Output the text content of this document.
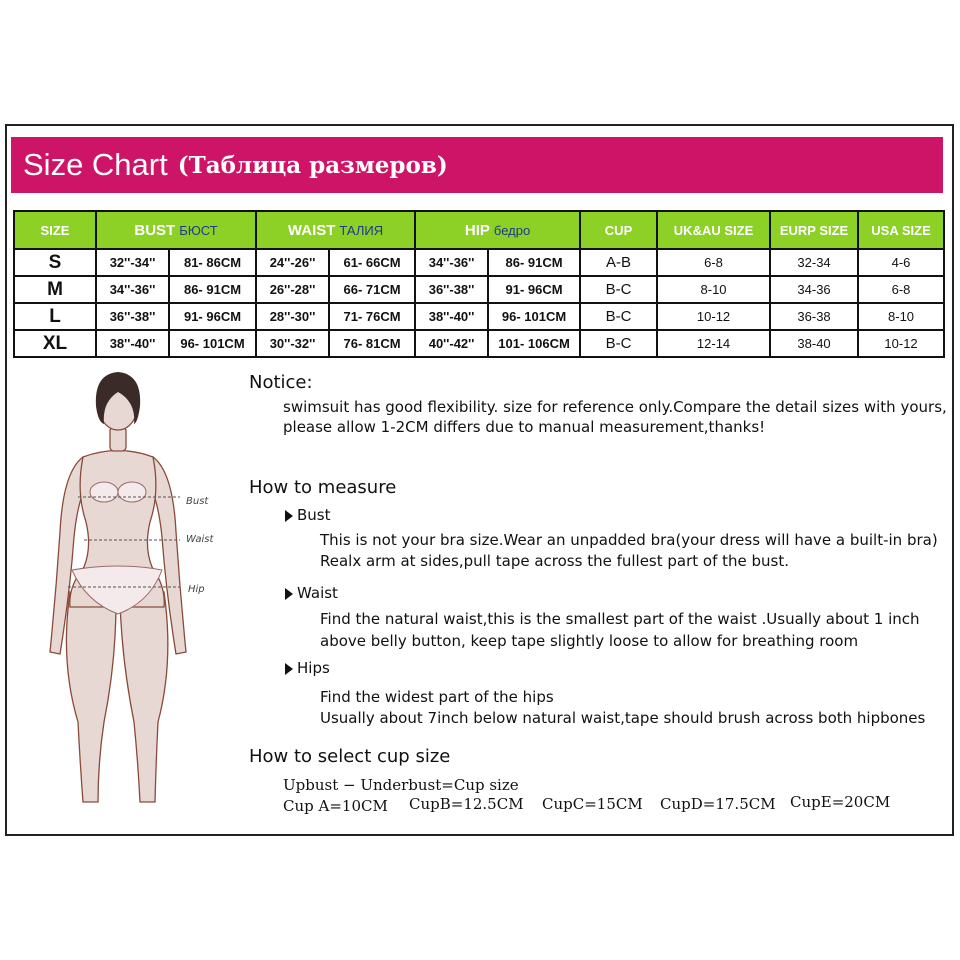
Size Chart (Таблица размеров)
SIZE	BUST БЮСТ		WAIST ТАЛИЯ		HIP бедро		CUP	UK&AU SIZE	EURP SIZE	USA SIZE
S	32''-34''	81- 86CM	24''-26''	61- 66CM	34''-36''	86- 91CM	A-B	6-8	32-34	4-6
M	34''-36''	86- 91CM	26''-28''	66- 71CM	36''-38''	91- 96CM	B-C	8-10	34-36	6-8
L	36''-38''	91- 96CM	28''-30''	71- 76CM	38''-40''	96- 101CM	B-C	10-12	36-38	8-10
XL	38''-40''	96- 101CM	30''-32''	76- 81CM	40''-42''	101- 106CM	B-C	12-14	38-40	10-12
Bust
Waist
Hip
Notice:
swimsuit has good flexibility. size for reference only.Compare the detail sizes with yours,
please allow 1-2CM differs due to manual measurement,thanks!
How to measure
Bust
This is not your bra size.Wear an unpadded bra(your dress will have a built-in bra)
Realx arm at sides,pull tape across the fullest part of the bust.
Waist
Find the natural waist,this is the smallest part of the waist .Usually about 1 inch
above belly button, keep tape slightly loose to allow for breathing room
Hips
Find the widest part of the hips
Usually about 7inch below natural waist,tape should brush across both hipbones
How to select cup size
Upbust − Underbust=Cup size
Cup A=10CM CupB=12.5CM CupC=15CM CupD=17.5CM CupE=20CM
